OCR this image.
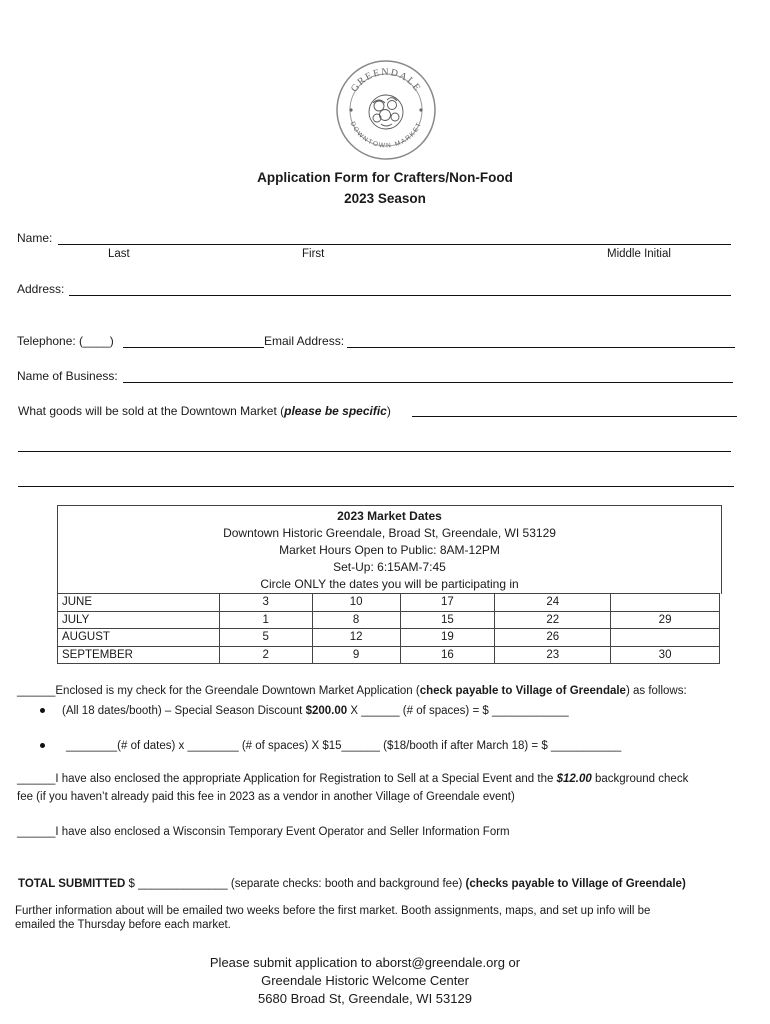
GREENDALE
DOWNTOWN MARKET
Application Form for Crafters/Non-Food
2023 Season
Name:
Last	First	Middle Initial
Address:
Telephone: (____)	Email Address:
Name of Business:
What goods will be sold at the Downtown Market (please be specific)
2023 Market Dates
Downtown Historic Greendale, Broad St, Greendale, WI 53129
Market Hours Open to Public: 8AM-12PM
Set-Up: 6:15AM-7:45
Circle ONLY the dates you will be participating in
JUNE	3	10	17	24	
JULY	1	8	15	22	29
AUGUST	5	12	19	26	
SEPTEMBER	2	9	16	23	30
______Enclosed is my check for the Greendale Downtown Market Application (check payable to Village of Greendale) as follows:
(All 18 dates/booth) – Special Season Discount $200.00 X ______ (# of spaces) = $ ____________
________(# of dates) x ________ (# of spaces) X $15______ ($18/booth if after March 18) = $ ___________
______I have also enclosed the appropriate Application for Registration to Sell at a Special Event and the $12.00 background check
fee (if you haven’t already paid this fee in 2023 as a vendor in another Village of Greendale event)
______I have also enclosed a Wisconsin Temporary Event Operator and Seller Information Form
TOTAL SUBMITTED $ ______________ (separate checks: booth and background fee) (checks payable to Village of Greendale)
Further information about will be emailed two weeks before the first market. Booth assignments, maps, and set up info will be
emailed the Thursday before each market.
Please submit application to aborst@greendale.org or
Greendale Historic Welcome Center
5680 Broad St, Greendale, WI 53129
